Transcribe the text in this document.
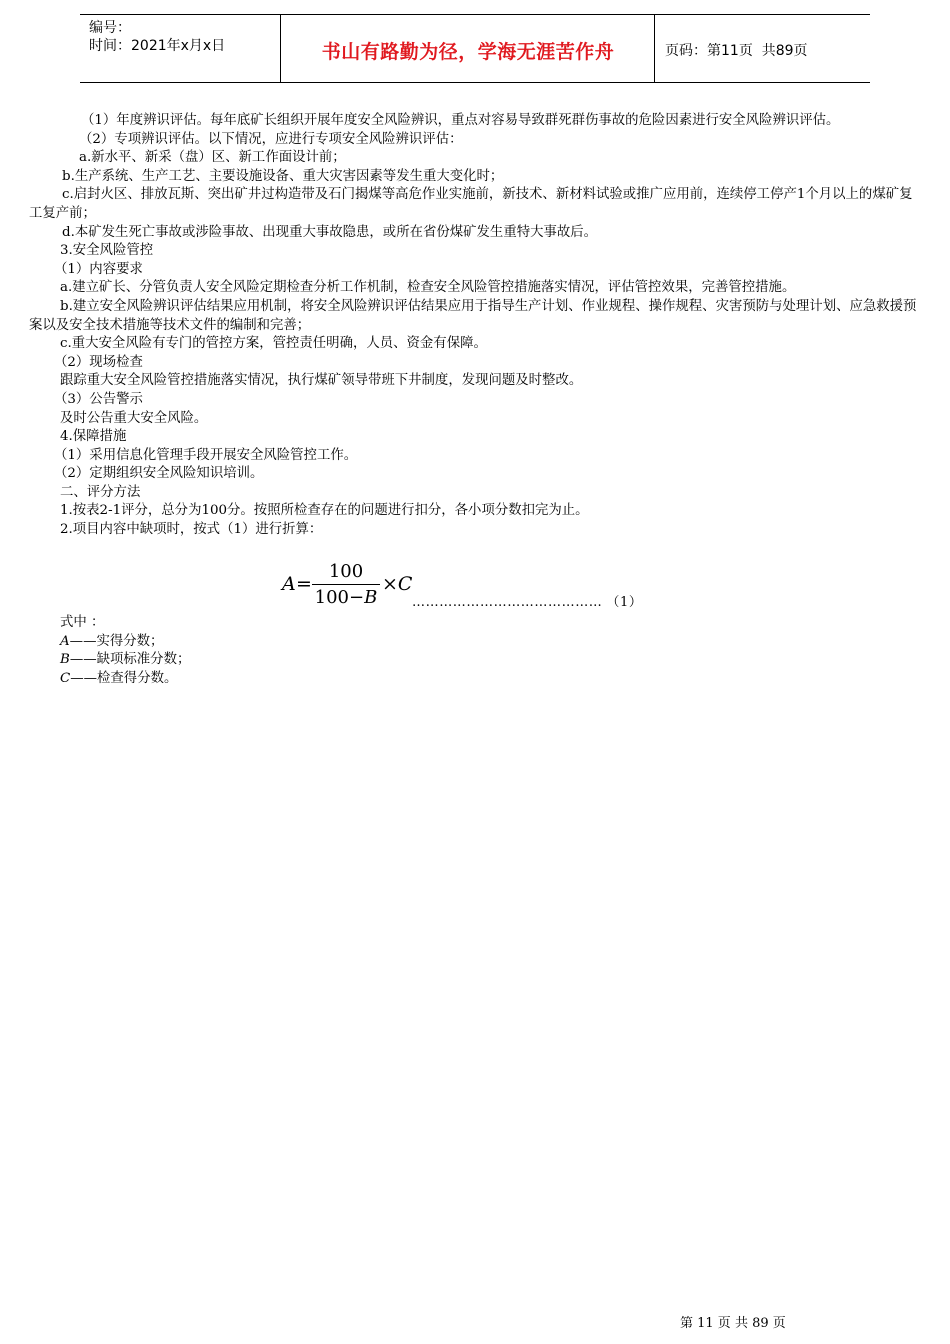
编号：
时间：2021年x月x日	书山有路勤为径，学海无涯苦作舟	页码：第11页  共89页

（1）年度辨识评估。每年底矿长组织开展年度安全风险辨识，重点对容易导致群死群伤事故的危险因素进行安全风险辨识评估。

（2）专项辨识评估。以下情况，应进行专项安全风险辨识评估：

a.新水平、新采（盘）区、新工作面设计前；

b.生产系统、生产工艺、主要设施设备、重大灾害因素等发生重大变化时；

c.启封火区、排放瓦斯、突出矿井过构造带及石门揭煤等高危作业实施前，新技术、新材料试验或推广应用前，连续停工停产1个月以上的煤矿复工复产前；

d.本矿发生死亡事故或涉险事故、出现重大事故隐患，或所在省份煤矿发生重特大事故后。

3.安全风险管控

（1）内容要求

a.建立矿长、分管负责人安全风险定期检查分析工作机制，检查安全风险管控措施落实情况，评估管控效果，完善管控措施。

b.建立安全风险辨识评估结果应用机制，将安全风险辨识评估结果应用于指导生产计划、作业规程、操作规程、灾害预防与处理计划、应急救援预案以及安全技术措施等技术文件的编制和完善；

c.重大安全风险有专门的管控方案，管控责任明确，人员、资金有保障。

（2）现场检查

跟踪重大安全风险管控措施落实情况，执行煤矿领导带班下井制度，发现问题及时整改。

（3）公告警示

及时公告重大安全风险。

4.保障措施

（1）采用信息化管理手段开展安全风险管控工作。

（2）定期组织安全风险知识培训。

二、评分方法

1.按表2-1评分，总分为100分。按照所检查存在的问题进行扣分，各小项分数扣完为止。

2.项目内容中缺项时，按式（1）进行折算：

A =
100
100−B
×C
…………………………………… （1）

式中 ：

A——实得分数；

B——缺项标准分数；

C——检查得分数。

第 11 页 共 89 页
